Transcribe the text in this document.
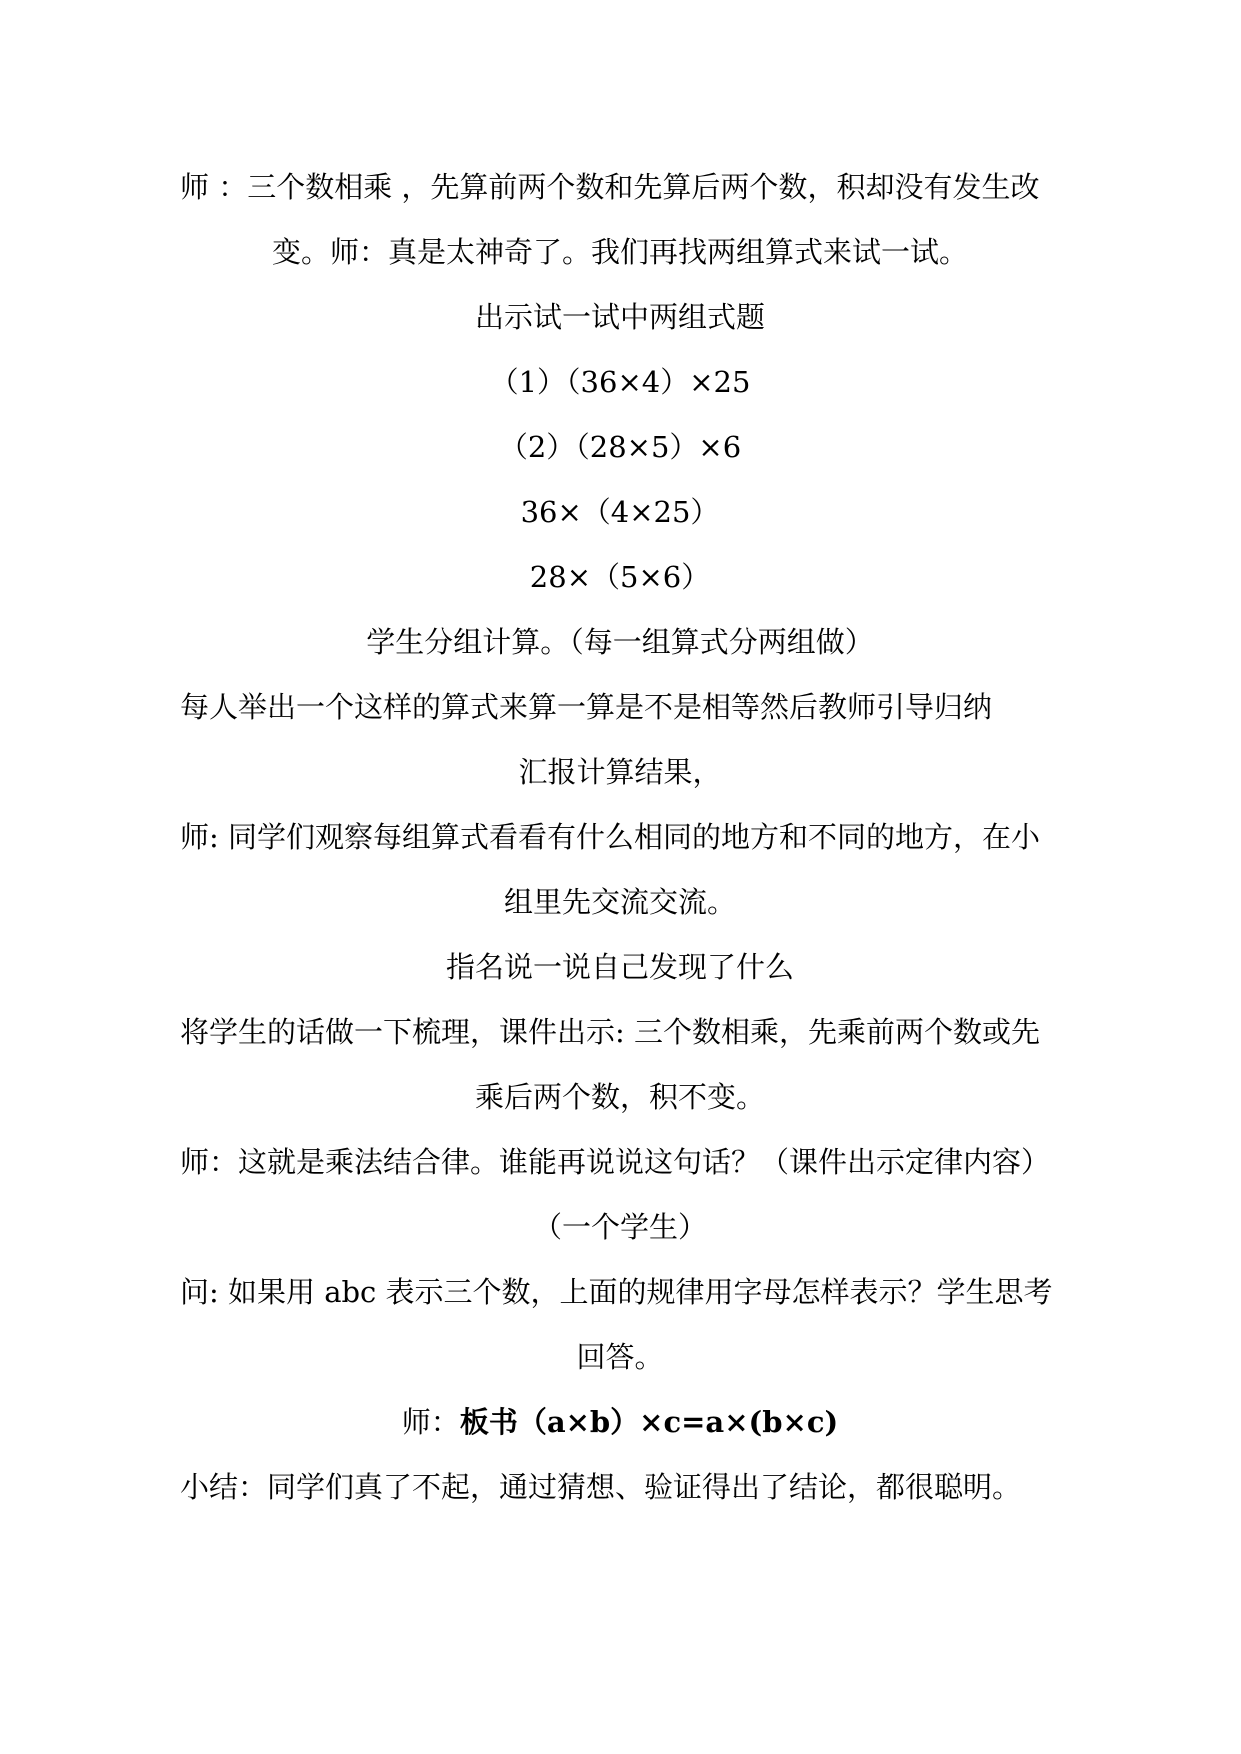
师 ：三个数相乘 ，先算前两个数和先算后两个数，积却没有发生改
变。师：真是太神奇了。我们再找两组算式来试一试。
出示试一试中两组式题
（1）（36×4）×25
（2）（28×5）×6
36×（4×25）
28×（5×6）
学生分组计算。（每一组算式分两组做）
每人举出一个这样的算式来算一算是不是相等然后教师引导归纳
汇报计算结果，
师: 同学们观察每组算式看看有什么相同的地方和不同的地方，在小
组里先交流交流。
指名说一说自己发现了什么
将学生的话做一下梳理，课件出示: 三个数相乘，先乘前两个数或先
乘后两个数，积不变。
师：这就是乘法结合律。谁能再说说这句话？（课件出示定律内容）
（一个学生）
问: 如果用 abc 表示三个数，上面的规律用字母怎样表示？学生思考
回答。
师：板书（a×b）×c=a×(b×c)
小结：同学们真了不起，通过猜想、验证得出了结论，都很聪明。
